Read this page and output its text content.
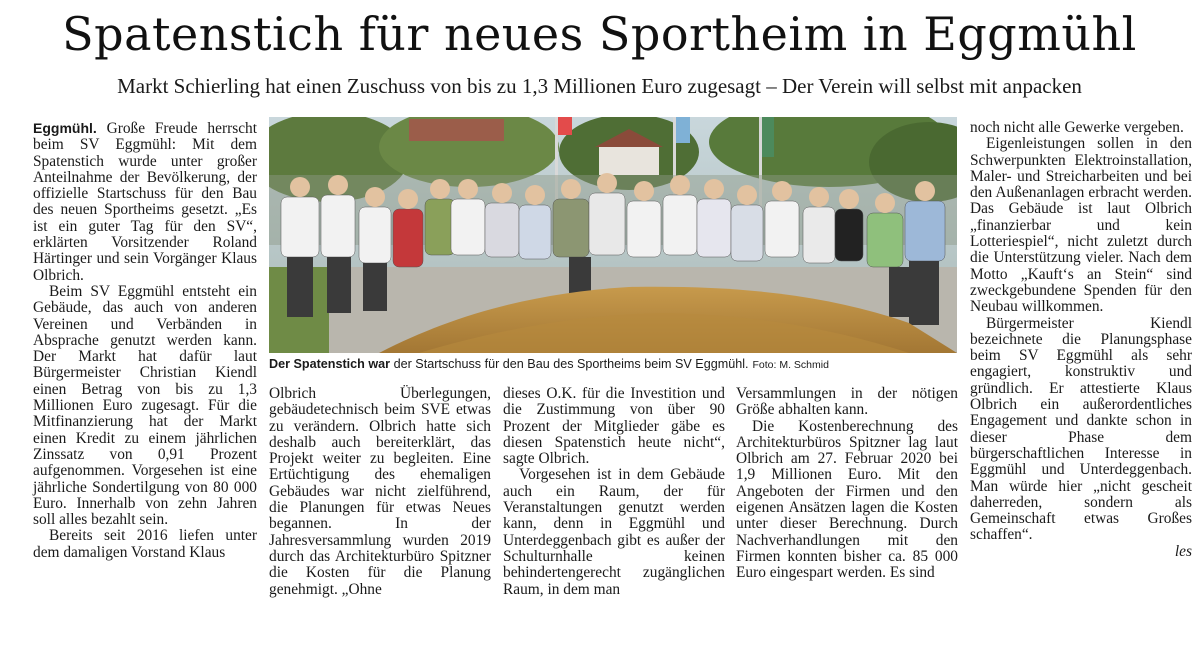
Spatenstich für neues Sportheim in Eggmühl
Markt Schierling hat einen Zuschuss von bis zu 1,3 Millionen Euro zugesagt – Der Verein will selbst mit anpacken

Eggmühl. Große Freude herrscht beim SV Eggmühl: Mit dem Spatenstich wurde unter großer Anteilnahme der Bevölkerung, der offizielle Startschuss für den Bau des neuen Sportheims gesetzt. „Es ist ein guter Tag für den SV“, erklärten Vorsitzender Roland Härtinger und sein Vorgänger Klaus Olbrich.

Beim SV Eggmühl entsteht ein Gebäude, das auch von anderen Vereinen und Verbänden in Absprache genutzt werden kann. Der Markt hat dafür laut Bürgermeister Christian Kiendl einen Betrag von bis zu 1,3 Millionen Euro zugesagt. Für die Mitfinanzierung hat der Markt einen Kredit zu einem jährlichen Zinssatz von 0,91 Prozent aufgenommen. Vorgesehen ist eine jährliche Sondertilgung von 80 000 Euro. Innerhalb von zehn Jahren soll alles bezahlt sein.

Bereits seit 2016 liefen unter dem damaligen Vorstand Klaus

Der Spatenstich war der Startschuss für den Bau des Sportheims beim SV Eggmühl. Foto: M. Schmid

Olbrich Überlegungen, gebäudetechnisch beim SVE etwas zu verändern. Olbrich hatte sich deshalb auch bereiterklärt, das Projekt weiter zu begleiten. Eine Ertüchtigung des ehemaligen Gebäudes war nicht zielführend, die Planungen für etwas Neues begannen. In der Jahresversammlung wurden 2019 durch das Architekturbüro Spitzner die Kosten für die Planung genehmigt. „Ohne

dieses O.K. für die Investition und die Zustimmung von über 90 Prozent der Mitglieder gäbe es diesen Spatenstich heute nicht“, sagte Olbrich.

Vorgesehen ist in dem Gebäude auch ein Raum, der für Veranstaltungen genutzt werden kann, denn in Eggmühl und Unterdeggenbach gibt es außer der Schulturnhalle keinen behindertengerecht zugänglichen Raum, in dem man

Versammlungen in der nötigen Größe abhalten kann.

Die Kostenberechnung des Architekturbüros Spitzner lag laut Olbrich am 27. Februar 2020 bei 1,9 Millionen Euro. Mit den Angeboten der Firmen und den eigenen Ansätzen lagen die Kosten unter dieser Berechnung. Durch Nachverhandlungen mit den Firmen konnten bisher ca. 85 000 Euro eingespart werden. Es sind

noch nicht alle Gewerke vergeben.

Eigenleistungen sollen in den Schwerpunkten Elektroinstallation, Maler- und Streicharbeiten und bei den Außenanlagen erbracht werden. Das Gebäude ist laut Olbrich „finanzierbar und kein Lotteriespiel“, nicht zuletzt durch die Unterstützung vieler. Nach dem Motto „Kauft‘s an Stein“ sind zweckgebundene Spenden für den Neubau willkommen.

Bürgermeister Kiendl bezeichnete die Planungsphase beim SV Eggmühl als sehr engagiert, konstruktiv und gründlich. Er attestierte Klaus Olbrich ein außerordentliches Engagement und dankte schon in dieser Phase dem bürgerschaftlichen Interesse in Eggmühl und Unterdeggenbach. Man würde hier „nicht gescheit daherreden, sondern als Gemeinschaft etwas Großes schaffen“.

les
